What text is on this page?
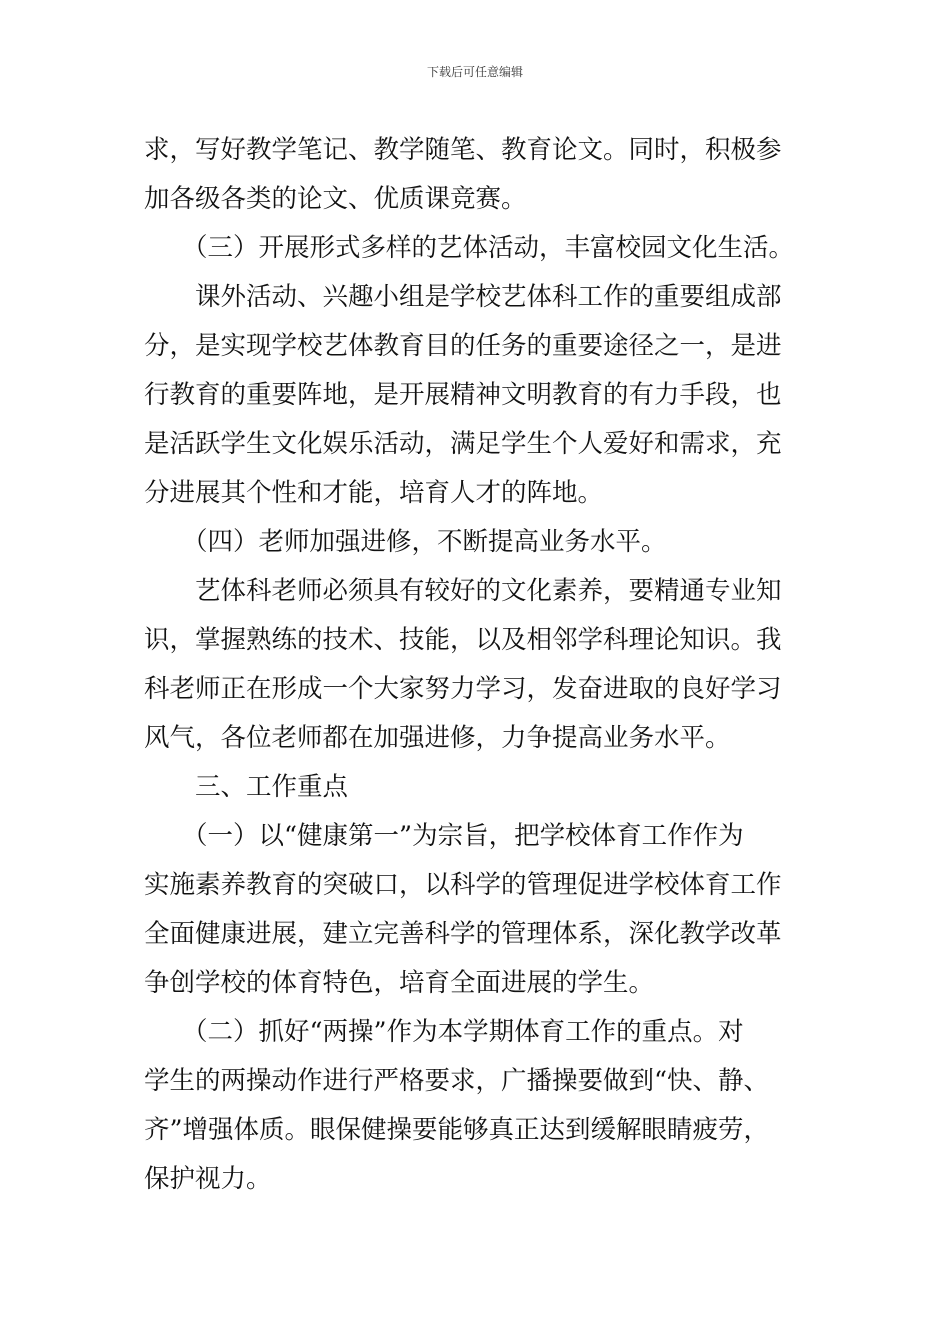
下载后可任意编辑
求，写好教学笔记、教学随笔、教育论文。同时，积极参
加各级各类的论文、优质课竞赛。
（三）开展形式多样的艺体活动，丰富校园文化生活。
课外活动、兴趣小组是学校艺体科工作的重要组成部
分，是实现学校艺体教育目的任务的重要途径之一，是进
行教育的重要阵地，是开展精神文明教育的有力手段，也
是活跃学生文化娱乐活动，满足学生个人爱好和需求，充
分进展其个性和才能，培育人才的阵地。
（四）老师加强进修，不断提高业务水平。
艺体科老师必须具有较好的文化素养，要精通专业知
识，掌握熟练的技术、技能，以及相邻学科理论知识。我
科老师正在形成一个大家努力学习，发奋进取的良好学习
风气，各位老师都在加强进修，力争提高业务水平。
三、工作重点
（一）以“健康第一”为宗旨，把学校体育工作作为
实施素养教育的突破口，以科学的管理促进学校体育工作
全面健康进展，建立完善科学的管理体系，深化教学改革
争创学校的体育特色，培育全面进展的学生。
（二）抓好“两操”作为本学期体育工作的重点。对
学生的两操动作进行严格要求，广播操要做到“快、静、
齐”增强体质。眼保健操要能够真正达到缓解眼睛疲劳，
保护视力。
